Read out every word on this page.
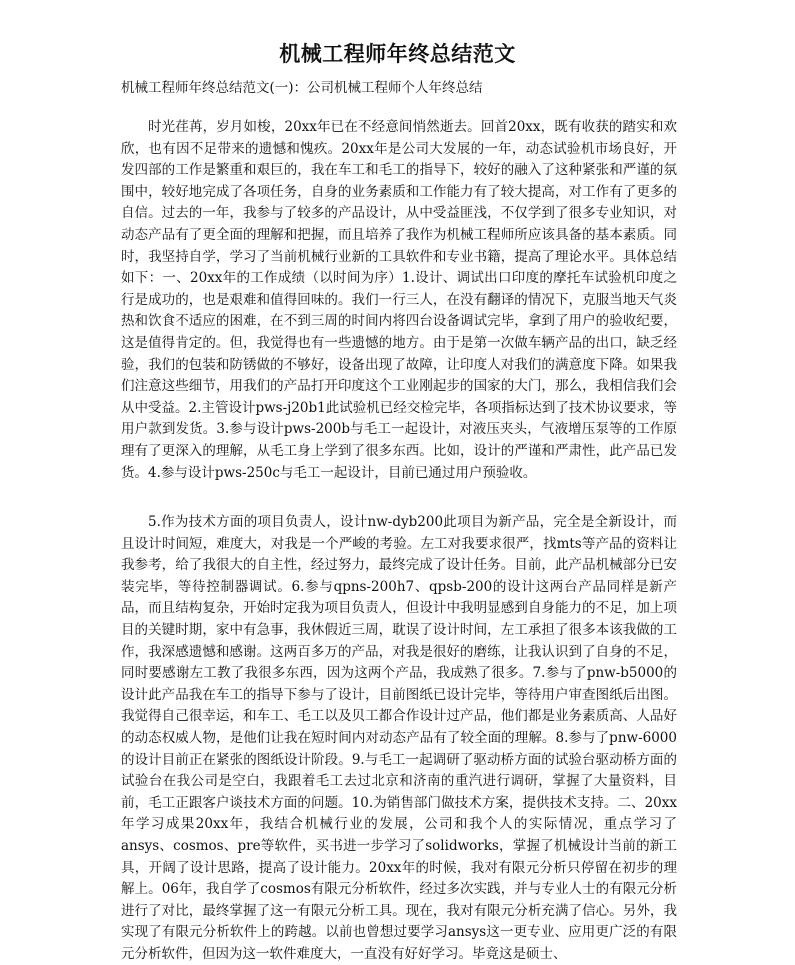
机械工程师年终总结范文

机械工程师年终总结范文(一)：公司机械工程师个人年终总结

时光荏苒，岁月如梭，20xx年已在不经意间悄然逝去。回首20xx，既有收获的踏实和欢欣，也有因不足带来的遗憾和愧疚。20xx年是公司大发展的一年，动态试验机市场良好，开发四部的工作是繁重和艰巨的，我在车工和毛工的指导下，较好的融入了这种紧张和严谨的氛围中，较好地完成了各项任务，自身的业务素质和工作能力有了较大提高，对工作有了更多的自信。过去的一年，我参与了较多的产品设计，从中受益匪浅，不仅学到了很多专业知识，对动态产品有了更全面的理解和把握，而且培养了我作为机械工程师所应该具备的基本素质。同时，我坚持自学，学习了当前机械行业新的工具软件和专业书籍，提高了理论水平。具体总结如下：一、20xx年的工作成绩（以时间为序）1.设计、调试出口印度的摩托车试验机印度之行是成功的，也是艰难和值得回味的。我们一行三人，在没有翻译的情况下，克服当地天气炎热和饮食不适应的困难，在不到三周的时间内将四台设备调试完毕，拿到了用户的验收纪要，这是值得肯定的。但，我觉得也有一些遗憾的地方。由于是第一次做车辆产品的出口，缺乏经验，我们的包装和防锈做的不够好，设备出现了故障，让印度人对我们的满意度下降。如果我们注意这些细节，用我们的产品打开印度这个工业刚起步的国家的大门，那么，我相信我们会从中受益。2.主管设计pws-j20b1此试验机已经交检完毕，各项指标达到了技术协议要求，等用户款到发货。3.参与设计pws-200b与毛工一起设计，对液压夹头，气液增压泵等的工作原理有了更深入的理解，从毛工身上学到了很多东西。比如，设计的严谨和严肃性，此产品已发货。4.参与设计pws-250c与毛工一起设计，目前已通过用户预验收。

5.作为技术方面的项目负责人，设计nw-dyb200此项目为新产品，完全是全新设计，而且设计时间短，难度大，对我是一个严峻的考验。左工对我要求很严，找mts等产品的资料让我参考，给了我很大的自主性，经过努力，最终完成了设计任务。目前，此产品机械部分已安装完毕，等待控制器调试。6.参与qpns-200h7、qpsb-200的设计这两台产品同样是新产品，而且结构复杂，开始时定我为项目负责人，但设计中我明显感到自身能力的不足，加上项目的关键时期，家中有急事，我休假近三周，耽误了设计时间，左工承担了很多本该我做的工作，我深感遗憾和感谢。这两百多万的产品，对我是很好的磨练，让我认识到了自身的不足，同时要感谢左工教了我很多东西，因为这两个产品，我成熟了很多。7.参与了pnw-b5000的设计此产品我在车工的指导下参与了设计，目前图纸已设计完毕，等待用户审查图纸后出图。我觉得自己很幸运，和车工、毛工以及贝工都合作设计过产品，他们都是业务素质高、人品好的动态权威人物，是他们让我在短时间内对动态产品有了较全面的理解。8.参与了pnw-6000的设计目前正在紧张的图纸设计阶段。9.与毛工一起调研了驱动桥方面的试验台驱动桥方面的试验台在我公司是空白，我跟着毛工去过北京和济南的重汽进行调研，掌握了大量资料，目前，毛工正跟客户谈技术方面的问题。10.为销售部门做技术方案，提供技术支持。二、20xx年学习成果20xx年，我结合机械行业的发展，公司和我个人的实际情况，重点学习了ansys、cosmos、pre等软件，买书进一步学习了solidworks，掌握了机械设计当前的新工具，开阔了设计思路，提高了设计能力。20xx年的时候，我对有限元分析只停留在初步的理解上。06年，我自学了cosmos有限元分析软件，经过多次实践，并与专业人士的有限元分析进行了对比，最终掌握了这一有限元分析工具。现在，我对有限元分析充满了信心。另外，我实现了有限元分析软件上的跨越。以前也曾想过要学习ansys这一更专业、应用更广泛的有限元分析软件，但因为这一软件难度大，一直没有好好学习。毕竟这是硕士、
